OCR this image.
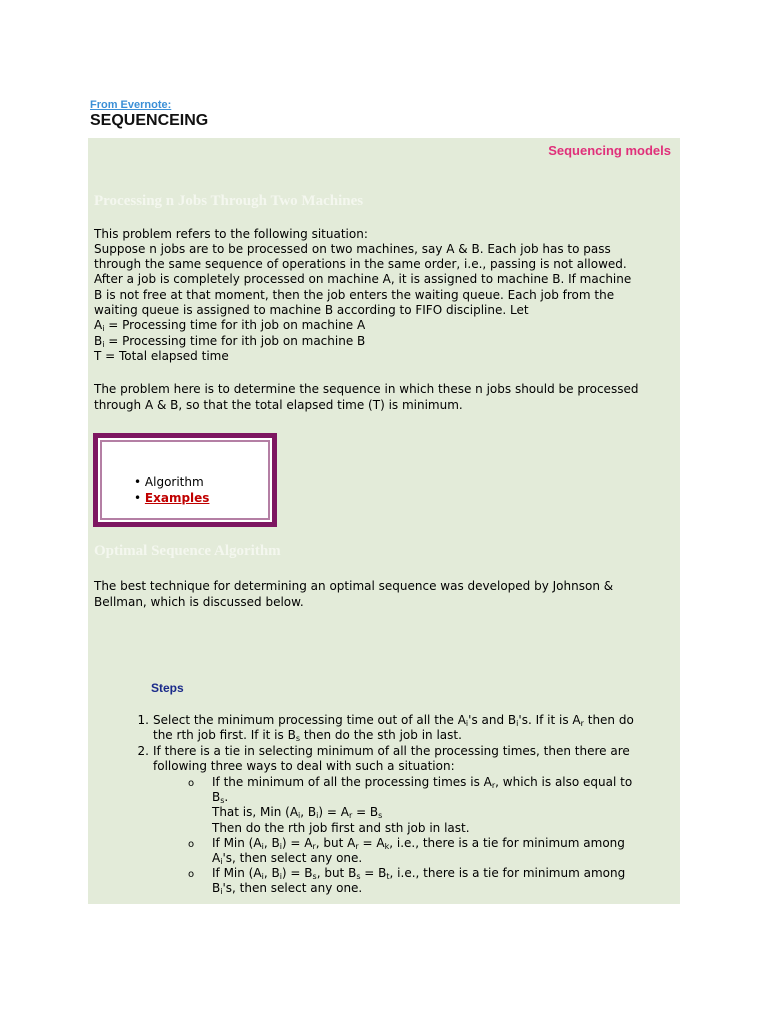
From Evernote:
SEQUENCEING
Sequencing models
Processing n Jobs Through Two Machines
This problem refers to the following situation:
Suppose n jobs are to be processed on two machines, say A & B. Each job has to pass
through the same sequence of operations in the same order, i.e., passing is not allowed.
After a job is completely processed on machine A, it is assigned to machine B. If machine
B is not free at that moment, then the job enters the waiting queue. Each job from the
waiting queue is assigned to machine B according to FIFO discipline. Let
$A_i$ = Processing time for ith job on machine A
$B_i$ = Processing time for ith job on machine B
T = Total elapsed time
The problem here is to determine the sequence in which these n jobs should be processed
through A & B, so that the total elapsed time (T) is minimum.
• Algorithm
• Examples
Optimal Sequence Algorithm
The best technique for determining an optimal sequence was developed by Johnson &
Bellman, which is discussed below.
Steps
1. Select the minimum processing time out of all the $A_i's$ and $B_i's$. If it is $A_r$ then do
the rth job first. If it is $B_s$ then do the sth job in last.
2. If there is a tie in selecting minimum of all the processing times, then there are
following three ways to deal with such a situation:
o If the minimum of all the processing times is $A_r$, which is also equal to
$B_s$.
That is, Min ($A_i$, $B_i) = A_r = B_s$
Then do the rth job first and sth job in last.
o If Min ($A_i$, $B_i) = A_r$, but $A_r = A_k$, i.e., there is a tie for minimum among
$A_i's$, then select any one.
o If Min ($A_i$, $B_i) = B_s$, but $B_s = B_t$, i.e., there is a tie for minimum among
$B_i's$, then select any one.
